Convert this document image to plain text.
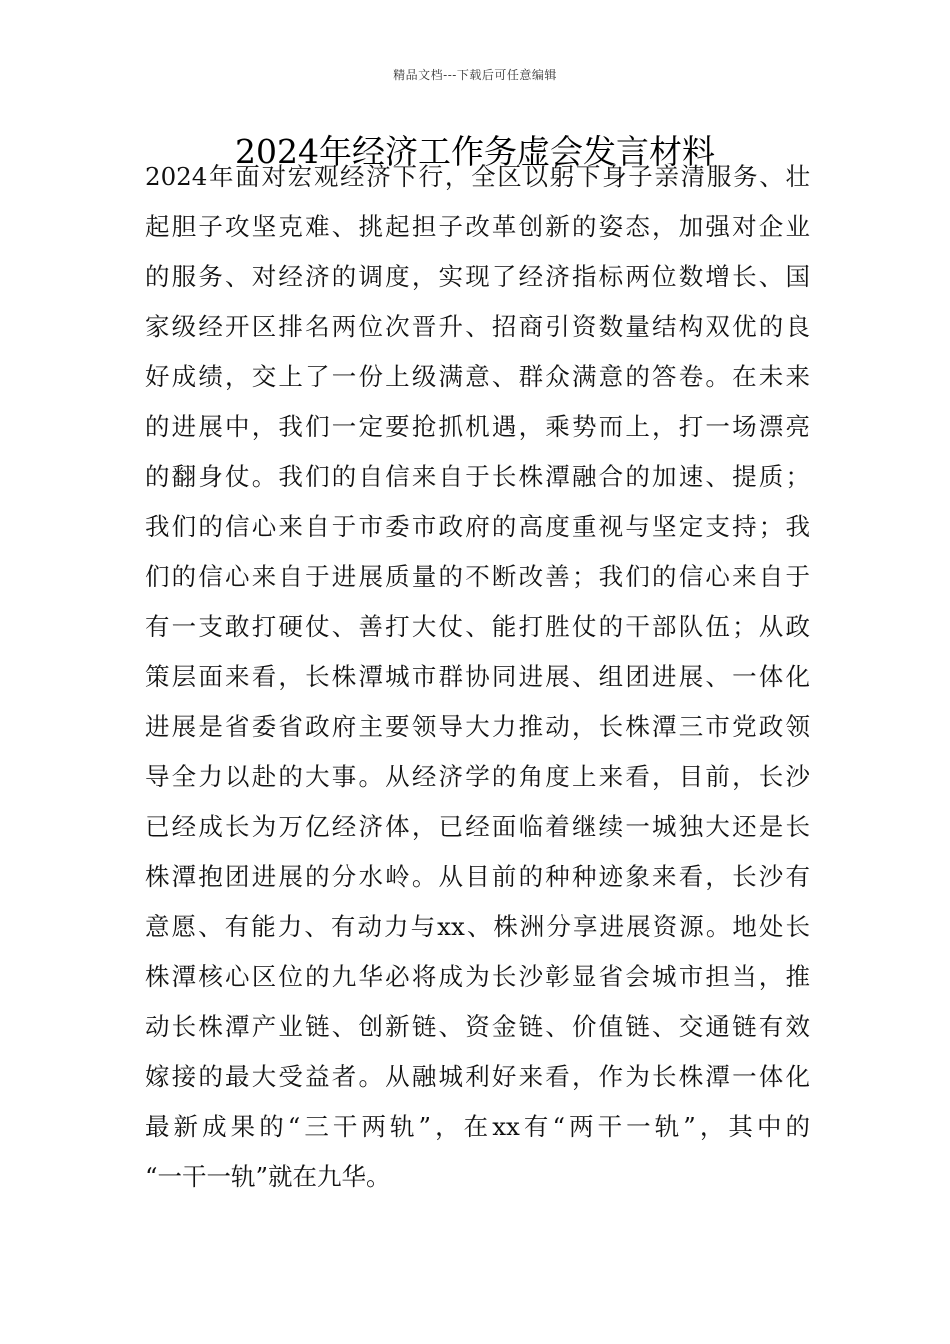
精品文档---下载后可任意编辑
2024年经济工作务虚会发言材料
2024年面对宏观经济下行，全区以躬下身子亲清服务、壮
起胆子攻坚克难、挑起担子改革创新的姿态，加强对企业
的服务、对经济的调度，实现了经济指标两位数增长、国
家级经开区排名两位次晋升、招商引资数量结构双优的良
好成绩，交上了一份上级满意、群众满意的答卷。在未来
的进展中，我们一定要抢抓机遇，乘势而上，打一场漂亮
的翻身仗。我们的自信来自于长株潭融合的加速、提质；
我们的信心来自于市委市政府的高度重视与坚定支持；我
们的信心来自于进展质量的不断改善；我们的信心来自于
有一支敢打硬仗、善打大仗、能打胜仗的干部队伍；从政
策层面来看，长株潭城市群协同进展、组团进展、一体化
进展是省委省政府主要领导大力推动，长株潭三市党政领
导全力以赴的大事。从经济学的角度上来看，目前，长沙
已经成长为万亿经济体，已经面临着继续一城独大还是长
株潭抱团进展的分水岭。从目前的种种迹象来看，长沙有
意愿、有能力、有动力与xx、株洲分享进展资源。地处长
株潭核心区位的九华必将成为长沙彰显省会城市担当，推
动长株潭产业链、创新链、资金链、价值链、交通链有效
嫁接的最大受益者。从融城利好来看，作为长株潭一体化
最新成果的“三干两轨”，在xx有“两干一轨”，其中的
“一干一轨”就在九华。
